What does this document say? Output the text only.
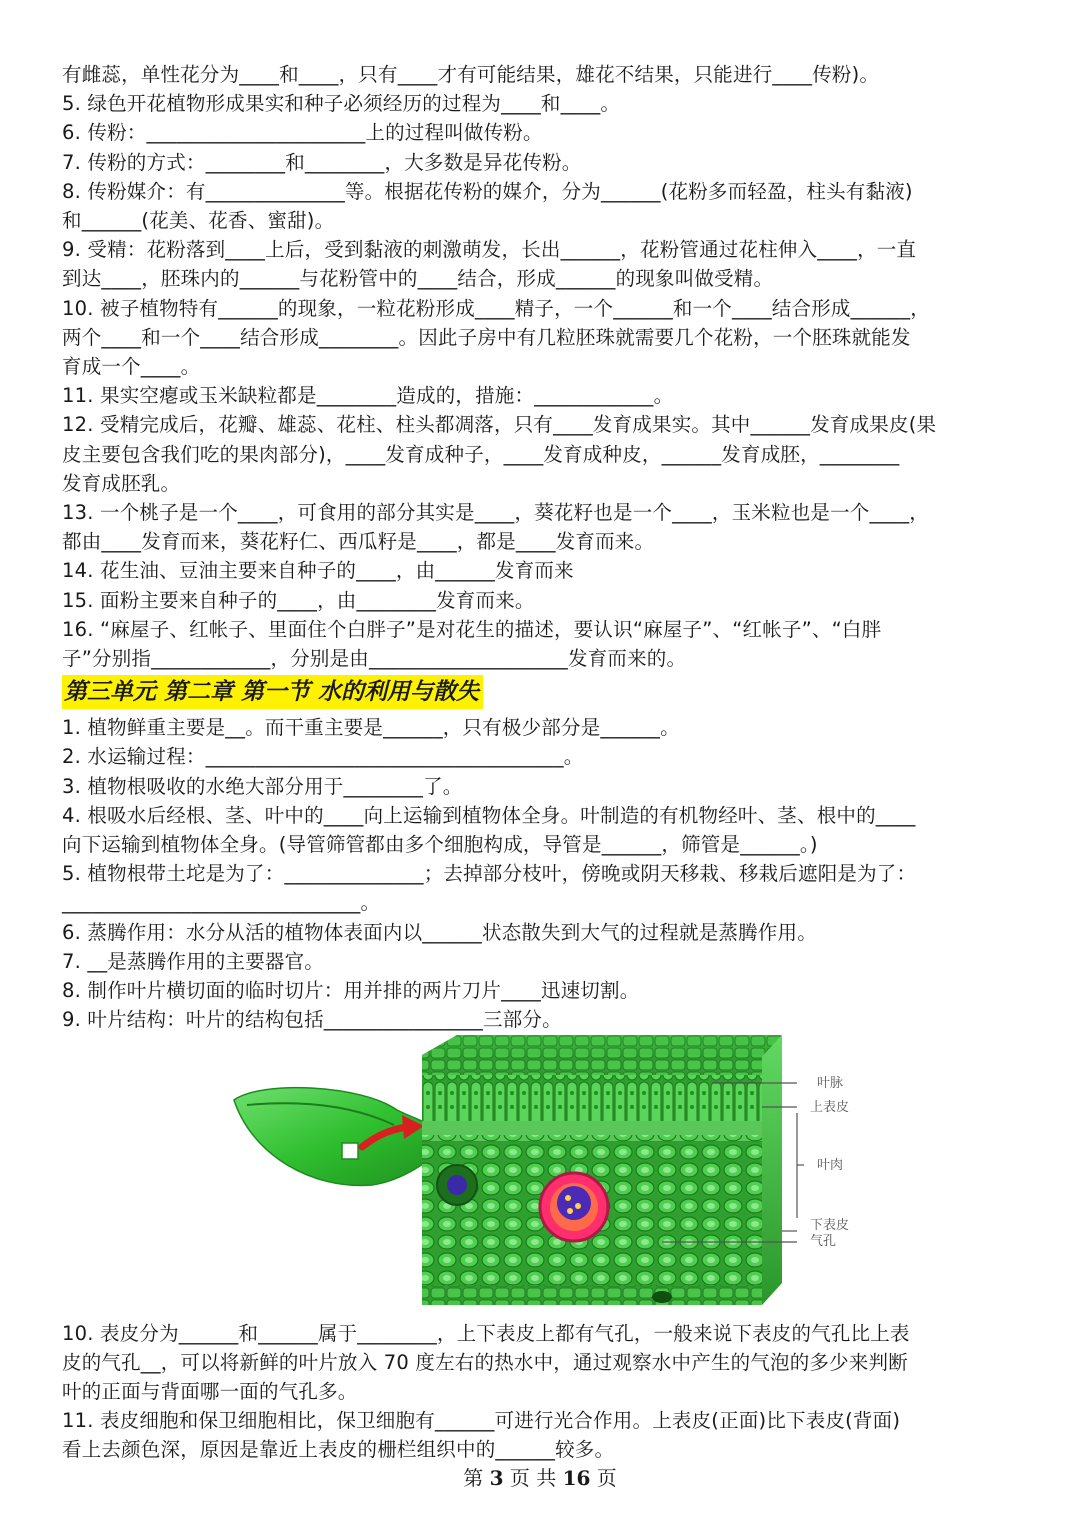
有雌蕊，单性花分为____和____，只有____才有可能结果，雄花不结果，只能进行____传粉)。
5. 绿色开花植物形成果实和种子必须经历的过程为____和____。
6. 传粉：______________________上的过程叫做传粉。
7. 传粉的方式：________和________，大多数是异花传粉。
8. 传粉媒介：有______________等。根据花传粉的媒介，分为______(花粉多而轻盈，柱头有黏液)
和______(花美、花香、蜜甜)。
9. 受精：花粉落到____上后，受到黏液的刺激萌发，长出______，花粉管通过花柱伸入____，一直
到达____，胚珠内的______与花粉管中的____结合，形成______的现象叫做受精。
10. 被子植物特有______的现象，一粒花粉形成____精子，一个______和一个____结合形成______，
两个____和一个____结合形成________。因此子房中有几粒胚珠就需要几个花粉，一个胚珠就能发
育成一个____。
11. 果实空瘪或玉米缺粒都是________造成的，措施：____________。
12. 受精完成后，花瓣、雄蕊、花柱、柱头都凋落，只有____发育成果实。其中______发育成果皮(果
皮主要包含我们吃的果肉部分)，____发育成种子，____发育成种皮，______发育成胚，________
发育成胚乳。
13. 一个桃子是一个____，可食用的部分其实是____，葵花籽也是一个____，玉米粒也是一个____，
都由____发育而来，葵花籽仁、西瓜籽是____，都是____发育而来。
14. 花生油、豆油主要来自种子的____，由______发育而来
15. 面粉主要来自种子的____，由________发育而来。
16. “麻屋子、红帐子、里面住个白胖子”是对花生的描述，要认识“麻屋子”、“红帐子”、“白胖
子”分别指____________，分别是由____________________发育而来的。
第三单元 第二章 第一节 水的利用与散失
1. 植物鲜重主要是__。而干重主要是______，只有极少部分是______。
2. 水运输过程：____________________________________。
3. 植物根吸收的水绝大部分用于________了。
4. 根吸水后经根、茎、叶中的____向上运输到植物体全身。叶制造的有机物经叶、茎、根中的____
向下运输到植物体全身。(导管筛管都由多个细胞构成，导管是______，筛管是______。)
5. 植物根带土坨是为了：______________；去掉部分枝叶，傍晚或阴天移栽、移栽后遮阳是为了：
______________________________。
6. 蒸腾作用：水分从活的植物体表面内以______状态散失到大气的过程就是蒸腾作用。
7. __是蒸腾作用的主要器官。
8. 制作叶片横切面的临时切片：用并排的两片刀片____迅速切割。
9. 叶片结构：叶片的结构包括________________三部分。
叶脉
上表皮
叶肉
下表皮
气孔
10. 表皮分为______和______属于________，上下表皮上都有气孔，一般来说下表皮的气孔比上表
皮的气孔__，可以将新鲜的叶片放入 70 度左右的热水中，通过观察水中产生的气泡的多少来判断
叶的正面与背面哪一面的气孔多。
11. 表皮细胞和保卫细胞相比，保卫细胞有______可进行光合作用。上表皮(正面)比下表皮(背面)
看上去颜色深，原因是靠近上表皮的栅栏组织中的______较多。
第 3 页 共 16 页
